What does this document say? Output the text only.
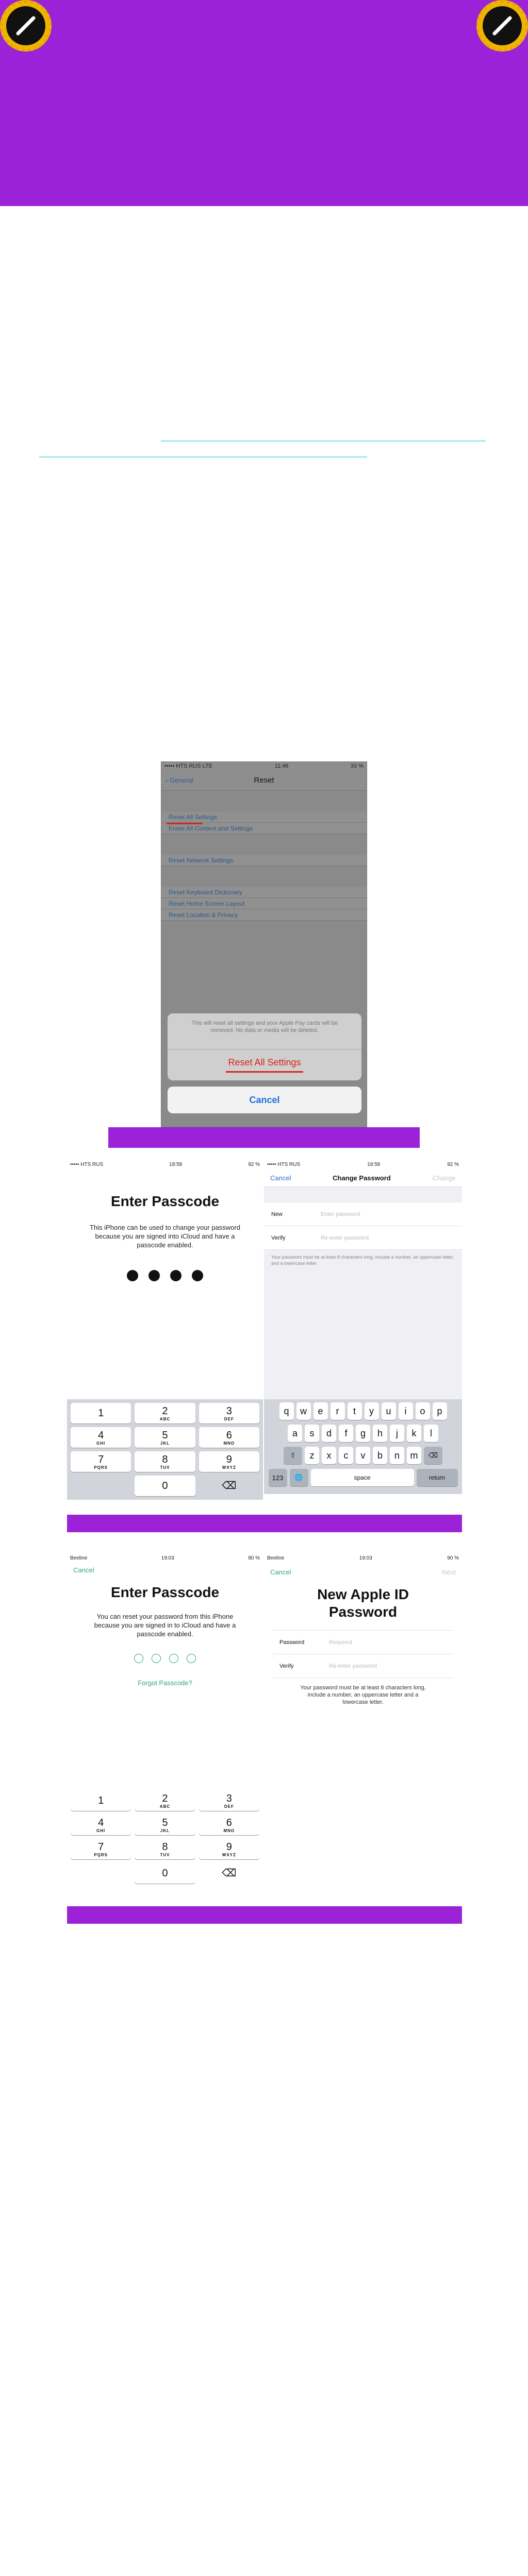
••••• HTS RUS LTE	11:46	33 %
‹ General	Reset
Reset All Settings
Erase All Content and Settings
Reset Network Settings
Reset Keyboard Dictionary
Reset Home Screen Layout
Reset Location & Privacy
This will reset all settings and your Apple Pay cards will be removed. No data or media will be deleted.
Reset All Settings
Cancel
••••• HTS RUS	18:58	92 %
Enter Passcode
This iPhone can be used to change your password because you are signed into iCloud and have a passcode enabled.
1	2
ABC
3
DEF
4
GHI
5
JKL
6
MNO
7
PQRS
8
TUV
9
WXYZ
0	⌫
••••• HTS RUS	18:58	92 %
Cancel	Change Password	Change
New	Enter password
Verify	Re-enter password
Your password must be at least 8 characters long, include a number, an uppercase letter, and a lowercase letter.
q	w	e	r	t	y	u	i	o	p
a	s	d	f	g	h	j	k	l
⇧	z	x	c	v	b	n	m	⌫
123	🌐	space	return
Beeline	19:03	90 %
Cancel
Enter Passcode
You can reset your password from this iPhone because you are signed in to iCloud and have a passcode enabled.
Forgot Passcode?
1	2
ABC
3
DEF
4
GHI
5
JKL
6
MNO
7
PQRS
8
TUV
9
WXYZ
0	⌫
Beeline	19:03	90 %
Cancel	Next
New Apple ID Password
Password	Required
Verify	Re-enter password
Your password must be at least 8 characters long, include a number, an uppercase letter and a lowercase letter.
